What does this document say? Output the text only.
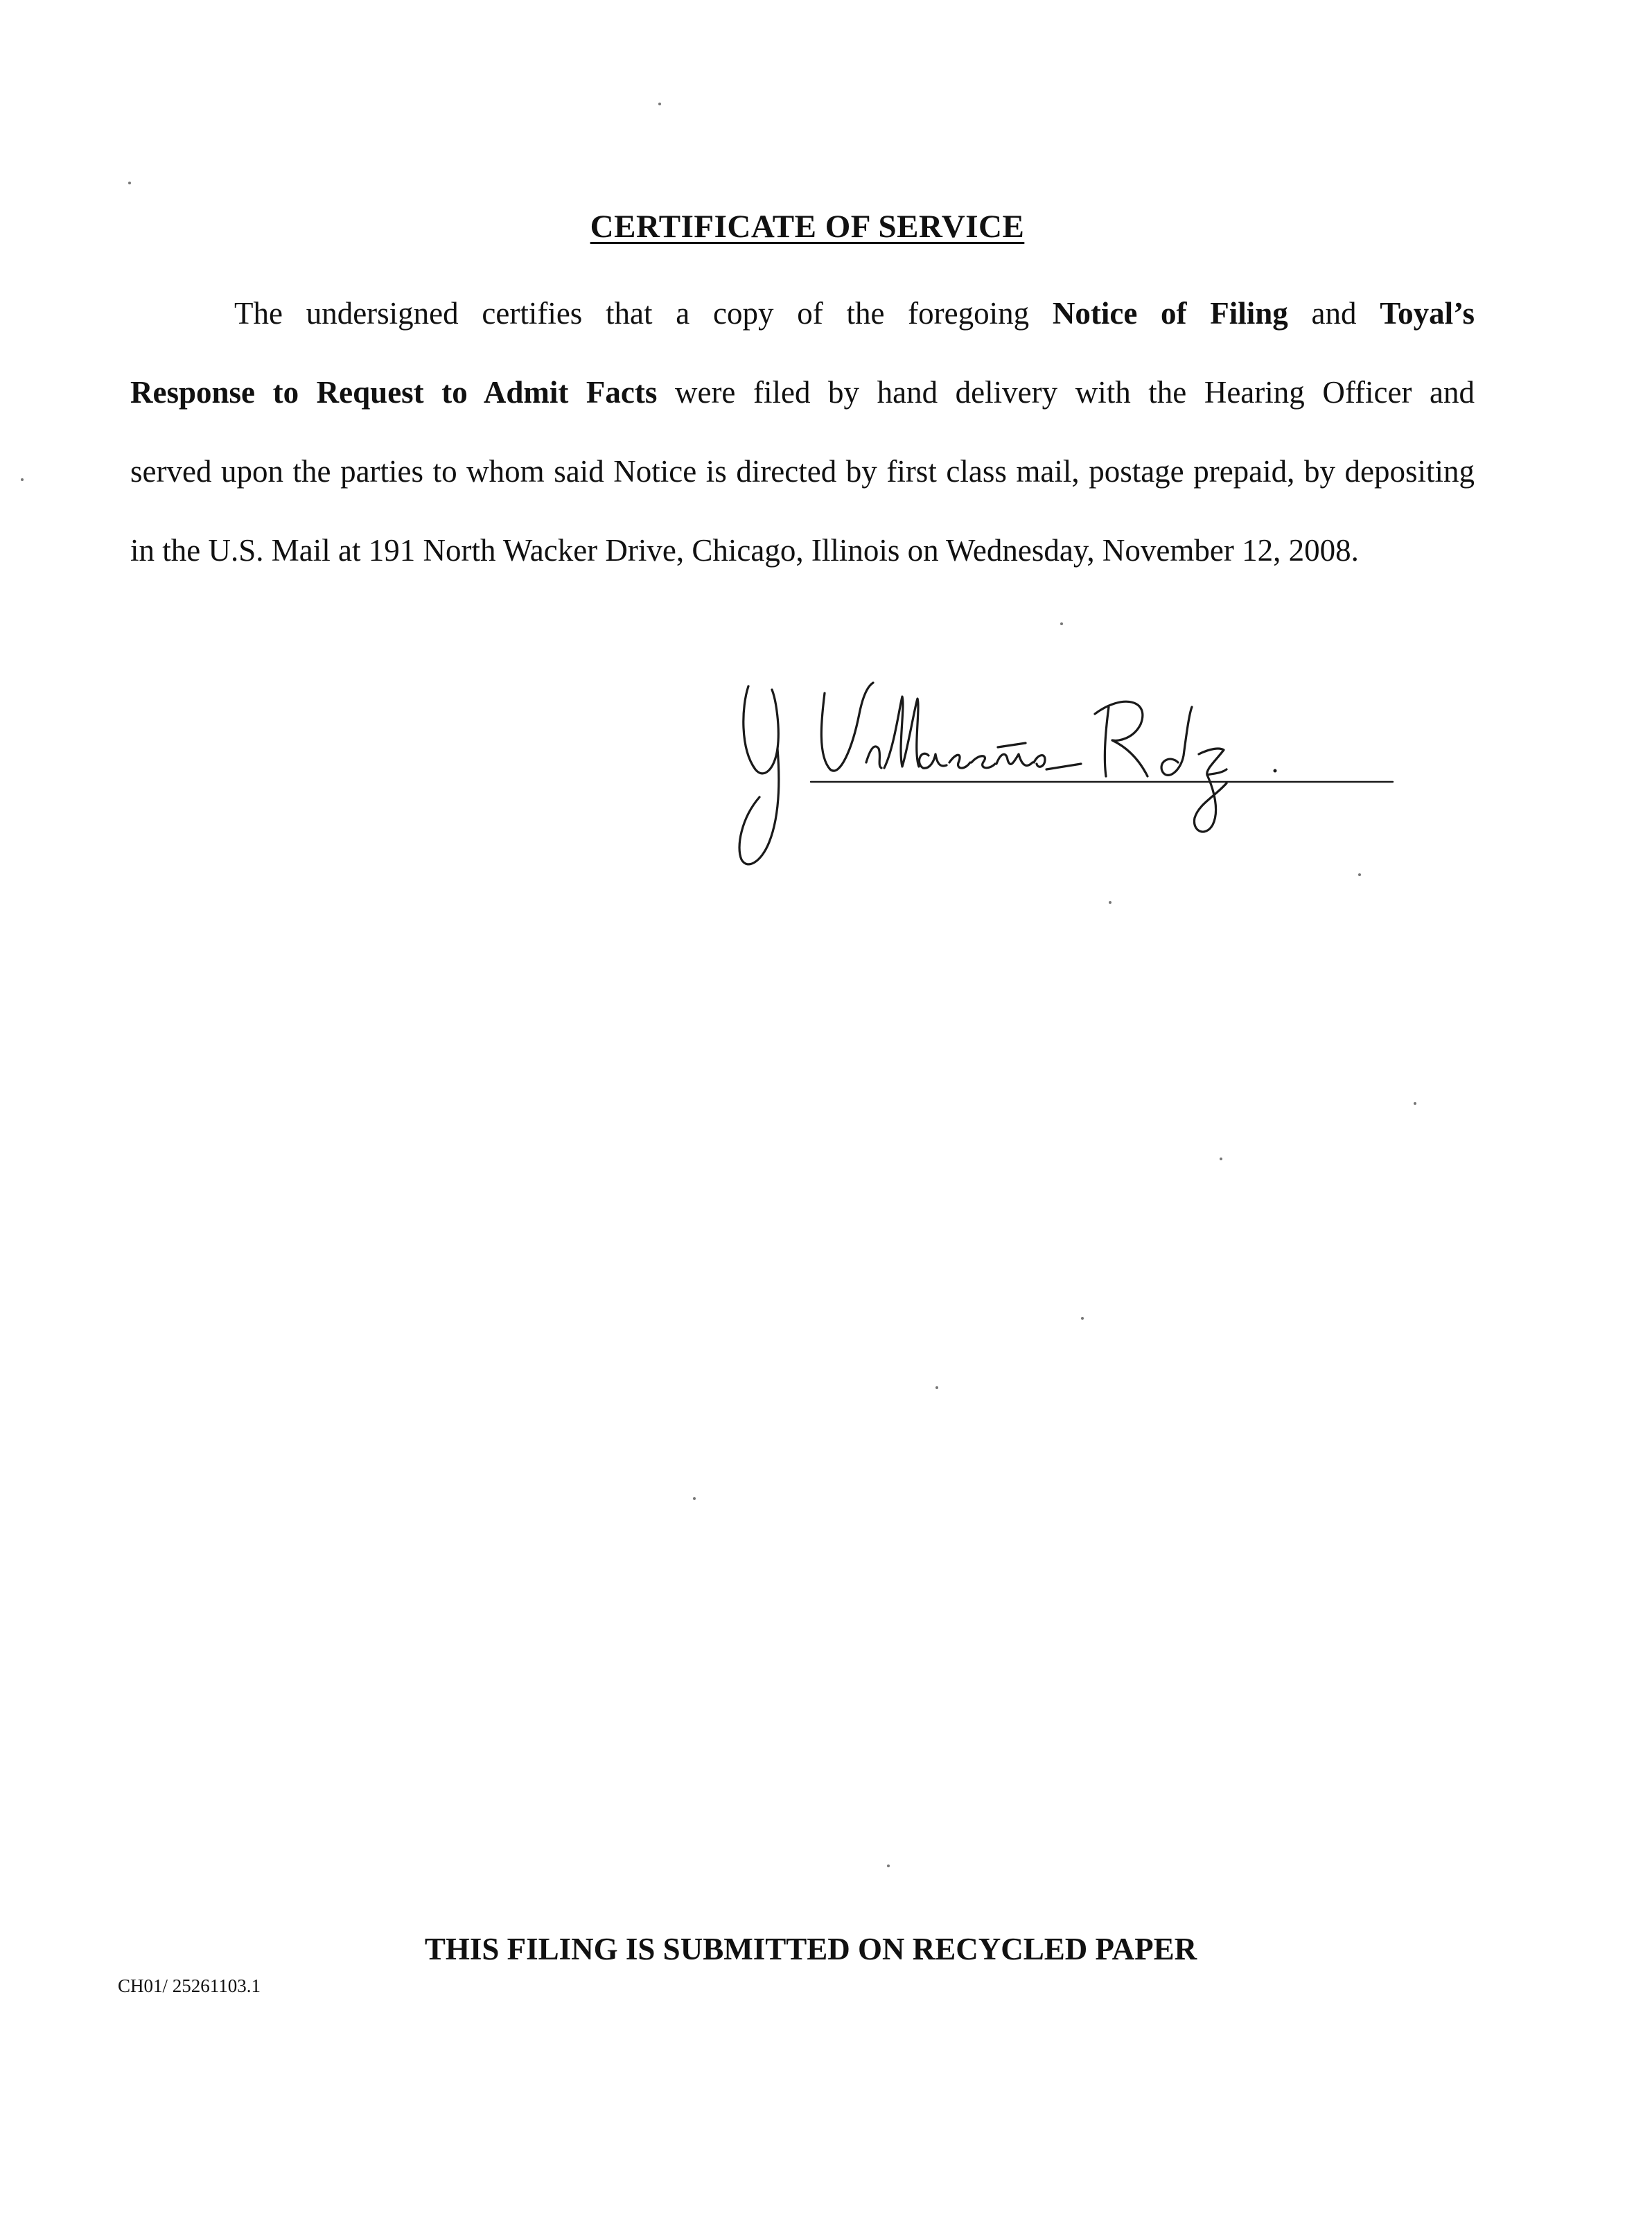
CERTIFICATE OF SERVICE
The undersigned certifies that a copy of the foregoing Notice of Filing and Toyal’s
Response to Request to Admit Facts were filed by hand delivery with the Hearing Officer and
served upon the parties to whom said Notice is directed by first class mail, postage prepaid, by depositing
in the U.S. Mail at 191 North Wacker Drive, Chicago, Illinois on Wednesday, November 12, 2008.
THIS FILING IS SUBMITTED ON RECYCLED PAPER
CH01/ 25261103.1
